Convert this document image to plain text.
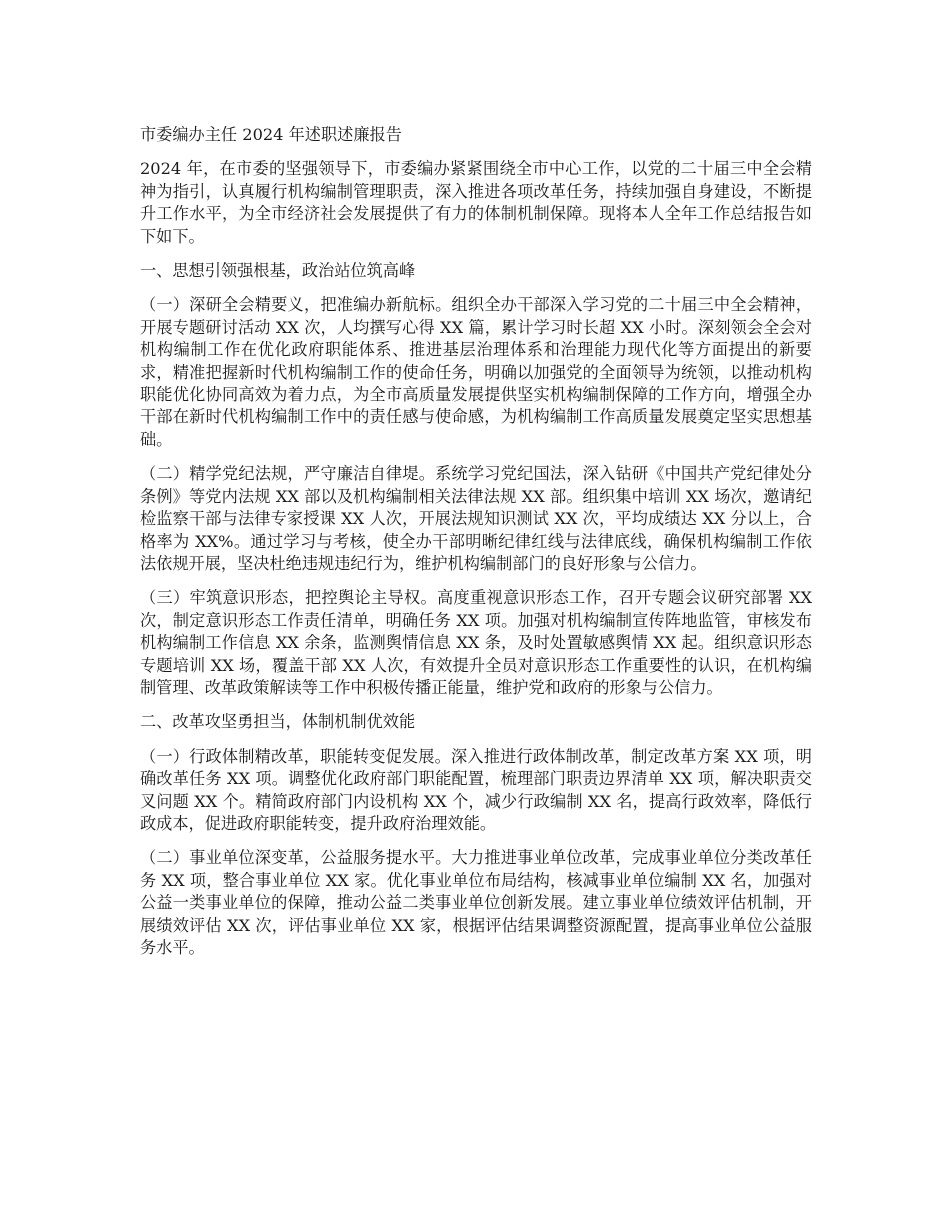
市委编办主任 2024 年述职述廉报告

2024 年，在市委的坚强领导下，市委编办紧紧围绕全市中心工作，以党的二十届三中全会精神为指引，认真履行机构编制管理职责，深入推进各项改革任务，持续加强自身建设，不断提升工作水平，为全市经济社会发展提供了有力的体制机制保障。现将本人全年工作总结报告如下如下。

一、思想引领强根基，政治站位筑高峰

（一）深研全会精要义，把准编办新航标。组织全办干部深入学习党的二十届三中全会精神，开展专题研讨活动 XX 次，人均撰写心得 XX 篇，累计学习时长超 XX 小时。深刻领会全会对机构编制工作在优化政府职能体系、推进基层治理体系和治理能力现代化等方面提出的新要求，精准把握新时代机构编制工作的使命任务，明确以加强党的全面领导为统领，以推动机构职能优化协同高效为着力点，为全市高质量发展提供坚实机构编制保障的工作方向，增强全办干部在新时代机构编制工作中的责任感与使命感，为机构编制工作高质量发展奠定坚实思想基础。

（二）精学党纪法规，严守廉洁自律堤。系统学习党纪国法，深入钻研《中国共产党纪律处分条例》等党内法规 XX 部以及机构编制相关法律法规 XX 部。组织集中培训 XX 场次，邀请纪检监察干部与法律专家授课 XX 人次，开展法规知识测试 XX 次，平均成绩达 XX 分以上，合格率为 XX%。通过学习与考核，使全办干部明晰纪律红线与法律底线，确保机构编制工作依法依规开展，坚决杜绝违规违纪行为，维护机构编制部门的良好形象与公信力。

（三）牢筑意识形态，把控舆论主导权。高度重视意识形态工作，召开专题会议研究部署 XX 次，制定意识形态工作责任清单，明确任务 XX 项。加强对机构编制宣传阵地监管，审核发布机构编制工作信息 XX 余条，监测舆情信息 XX 条，及时处置敏感舆情 XX 起。组织意识形态专题培训 XX 场，覆盖干部 XX 人次，有效提升全员对意识形态工作重要性的认识，在机构编制管理、改革政策解读等工作中积极传播正能量，维护党和政府的形象与公信力。

二、改革攻坚勇担当，体制机制优效能

（一）行政体制精改革，职能转变促发展。深入推进行政体制改革，制定改革方案 XX 项，明确改革任务 XX 项。调整优化政府部门职能配置，梳理部门职责边界清单 XX 项，解决职责交叉问题 XX 个。精简政府部门内设机构 XX 个，减少行政编制 XX 名，提高行政效率，降低行政成本，促进政府职能转变，提升政府治理效能。

（二）事业单位深变革，公益服务提水平。大力推进事业单位改革，完成事业单位分类改革任务 XX 项，整合事业单位 XX 家。优化事业单位布局结构，核减事业单位编制 XX 名，加强对公益一类事业单位的保障，推动公益二类事业单位创新发展。建立事业单位绩效评估机制，开展绩效评估 XX 次，评估事业单位 XX 家，根据评估结果调整资源配置，提高事业单位公益服务水平。
